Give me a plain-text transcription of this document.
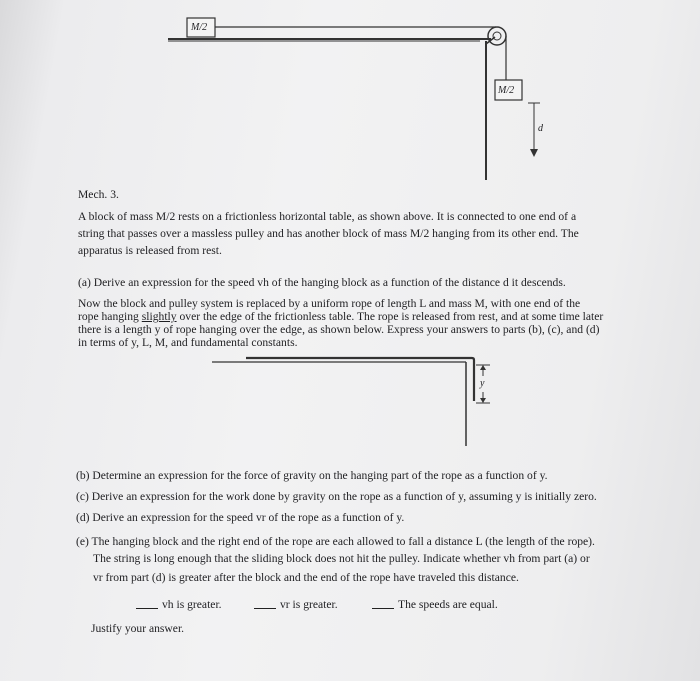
M/2
M/2
d
y
Mech. 3.
A block of mass M/2 rests on a frictionless horizontal table, as shown above. It is connected to one end of a
string that passes over a massless pulley and has another block of mass M/2 hanging from its other end. The
apparatus is released from rest.
(a) Derive an expression for the speed vh of the hanging block as a function of the distance d it descends.
Now the block and pulley system is replaced by a uniform rope of length L and mass M, with one end of the
rope hanging slightly over the edge of the frictionless table. The rope is released from rest, and at some time later
there is a length y of rope hanging over the edge, as shown below. Express your answers to parts (b), (c), and (d)
in terms of y, L, M, and fundamental constants.
(b) Determine an expression for the force of gravity on the hanging part of the rope as a function of y.
(c) Derive an expression for the work done by gravity on the rope as a function of y, assuming y is initially zero.
(d) Derive an expression for the speed vr of the rope as a function of y.
(e) The hanging block and the right end of the rope are each allowed to fall a distance L (the length of the rope).
The string is long enough that the sliding block does not hit the pulley. Indicate whether vh from part (a) or
vr from part (d) is greater after the block and the end of the rope have traveled this distance.
vh is greater.	vr is greater.	The speeds are equal.
Justify your answer.
